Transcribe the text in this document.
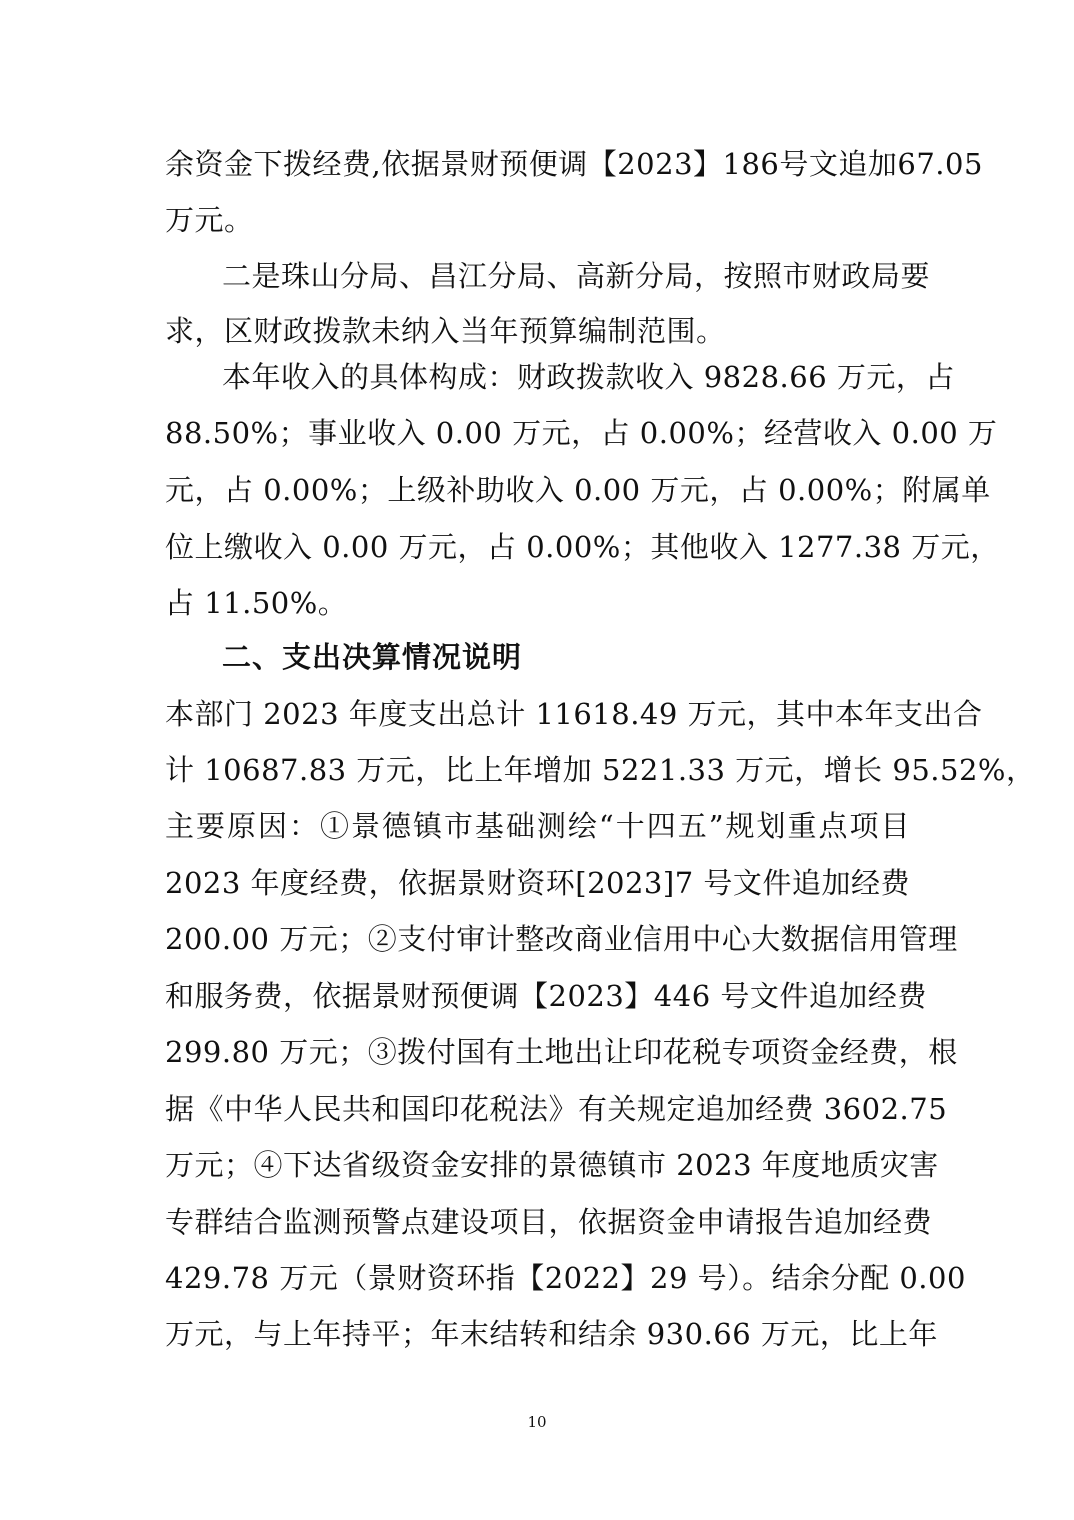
余资金下拨经费,依据景财预便调【2023】186号文追加67.05
万元。
二是珠山分局、昌江分局、高新分局，按照市财政局要
求，区财政拨款未纳入当年预算编制范围。
本年收入的具体构成：财政拨款收入 9828.66 万元，占
88.50%；事业收入 0.00 万元，占 0.00%；经营收入 0.00 万
元，占 0.00%；上级补助收入 0.00 万元，占 0.00%；附属单
位上缴收入 0.00 万元，占 0.00%；其他收入 1277.38 万元，
占 11.50%。
二、支出决算情况说明
本部门 2023 年度支出总计 11618.49 万元，其中本年支出合
计 10687.83 万元，比上年增加 5221.33 万元，增长 95.52%，
主要原因：①景德镇市基础测绘“十四五”规划重点项目
2023 年度经费，依据景财资环[2023]7 号文件追加经费
200.00 万元；②支付审计整改商业信用中心大数据信用管理
和服务费，依据景财预便调【2023】446 号文件追加经费
299.80 万元；③拨付国有土地出让印花税专项资金经费，根
据《中华人民共和国印花税法》有关规定追加经费 3602.75
万元；④下达省级资金安排的景德镇市 2023 年度地质灾害
专群结合监测预警点建设项目，依据资金申请报告追加经费
429.78 万元（景财资环指【2022】29 号）。结余分配 0.00
万元，与上年持平；年末结转和结余 930.66 万元，比上年
10
